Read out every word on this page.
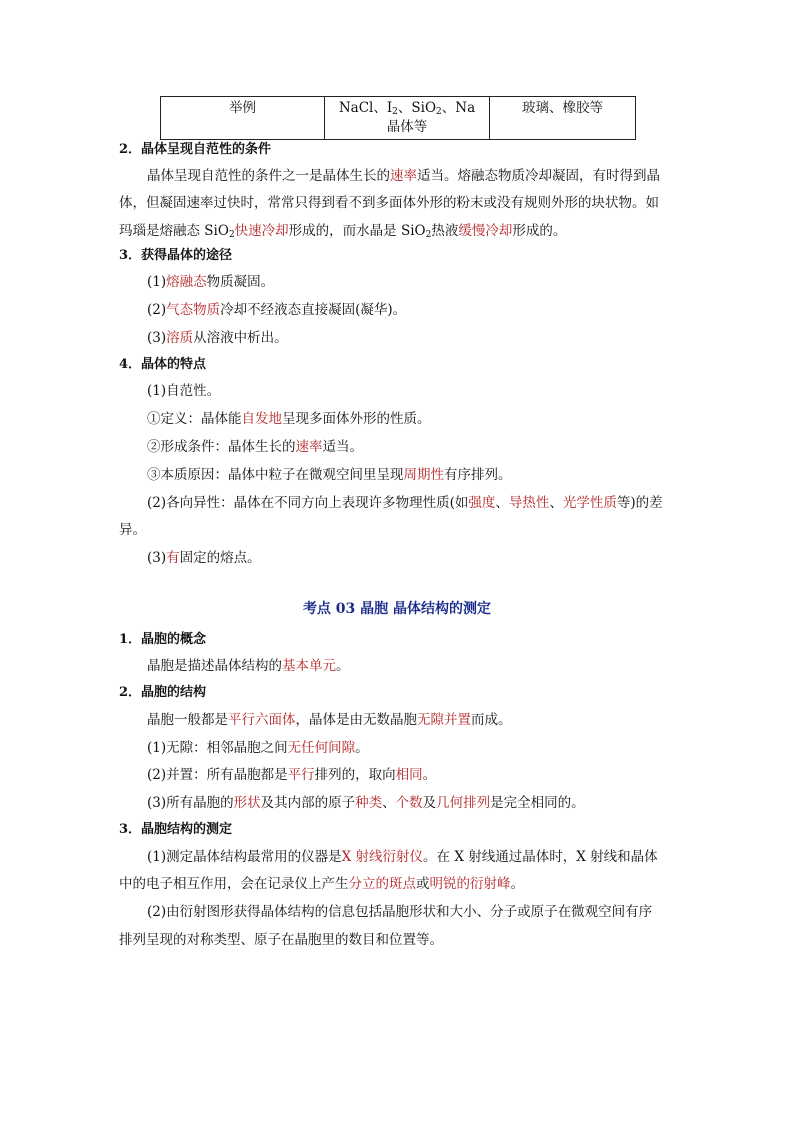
举例	NaCl、$I_2$、SiO$_2$、Na 晶体等	玻璃、橡胶等
2．晶体呈现自范性的条件
晶体呈现自范性的条件之一是晶体生长的速率适当。熔融态物质冷却凝固，有时得到晶
体，但凝固速率过快时，常常只得到看不到多面体外形的粉末或没有规则外形的块状物。如
玛瑙是熔融态 SiO$_2$快速冷却形成的，而水晶是 SiO$_2$热液缓慢冷却形成的。
3．获得晶体的途径
(1)熔融态物质凝固。
(2)气态物质冷却不经液态直接凝固(凝华)。
(3)溶质从溶液中析出。
4．晶体的特点
(1)自范性。
①定义：晶体能自发地呈现多面体外形的性质。
②形成条件：晶体生长的速率适当。
③本质原因：晶体中粒子在微观空间里呈现周期性有序排列。
(2)各向异性：晶体在不同方向上表现许多物理性质(如强度、导热性、光学性质等)的差
异。
(3)有固定的熔点。
考点 03 晶胞 晶体结构的测定
1．晶胞的概念
晶胞是描述晶体结构的基本单元。
2．晶胞的结构
晶胞一般都是平行六面体，晶体是由无数晶胞无隙并置而成。
(1)无隙：相邻晶胞之间无任何间隙。
(2)并置：所有晶胞都是平行排列的，取向相同。
(3)所有晶胞的形状及其内部的原子种类、个数及几何排列是完全相同的。
3．晶胞结构的测定
(1)测定晶体结构最常用的仪器是X 射线衍射仪。在 X 射线通过晶体时，X 射线和晶体
中的电子相互作用，会在记录仪上产生分立的斑点或明锐的衍射峰。
(2)由衍射图形获得晶体结构的信息包括晶胞形状和大小、分子或原子在微观空间有序
排列呈现的对称类型、原子在晶胞里的数目和位置等。
